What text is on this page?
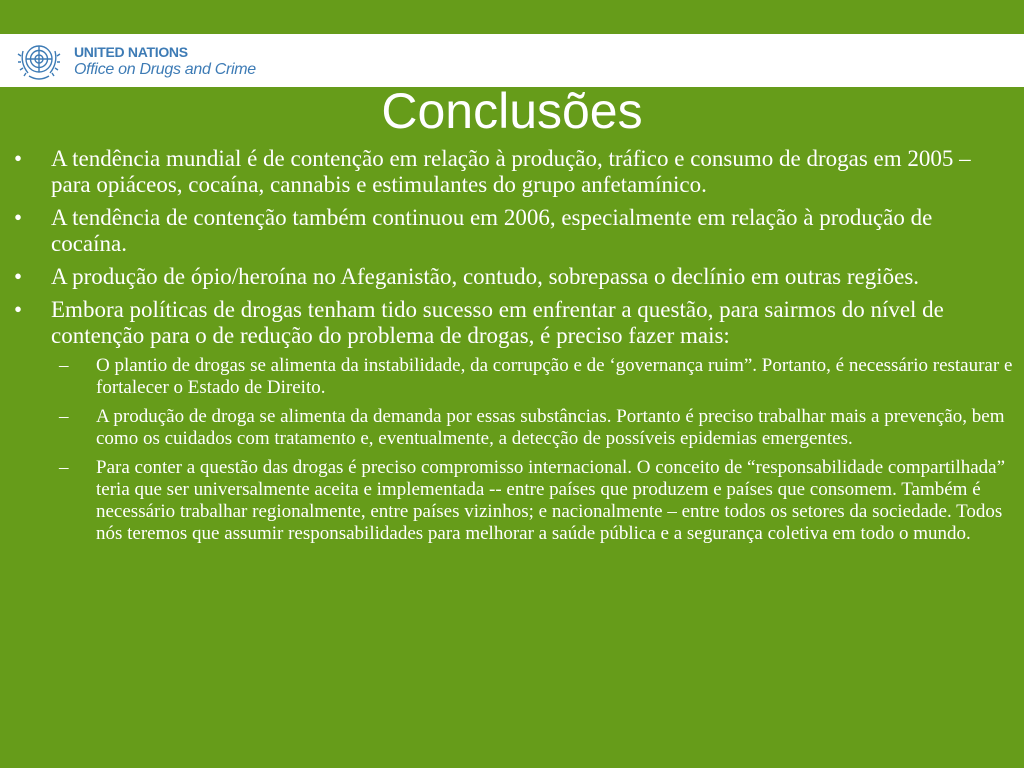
UNITED NATIONS
Office on Drugs and Crime
Conclusões
• A tendência mundial é de contenção em relação à produção, tráfico e consumo de drogas em 2005 – para opiáceos, cocaína, cannabis e estimulantes do grupo anfetamínico.
• A tendência de contenção também continuou em 2006, especialmente em relação à produção de cocaína.
• A produção de ópio/heroína no Afeganistão, contudo, sobrepassa o declínio em outras regiões.
• Embora políticas de drogas tenham tido sucesso em enfrentar a questão, para sairmos do nível de contenção para o de redução do problema de drogas, é preciso fazer mais:
– O plantio de drogas se alimenta da instabilidade, da corrupção e de ‘governança ruim”. Portanto, é necessário restaurar e fortalecer o Estado de Direito.
– A produção de droga se alimenta da demanda por essas substâncias. Portanto é preciso trabalhar mais a prevenção, bem como os cuidados com tratamento e, eventualmente, a detecção de possíveis epidemias emergentes.
– Para conter a questão das drogas é preciso compromisso internacional. O conceito de “responsabilidade compartilhada” teria que ser universalmente aceita e implementada -- entre países que produzem e países que consomem. Também é necessário trabalhar regionalmente, entre países vizinhos; e nacionalmente – entre todos os setores da sociedade. Todos nós teremos que assumir responsabilidades para melhorar a saúde pública e a segurança coletiva em todo o mundo.
